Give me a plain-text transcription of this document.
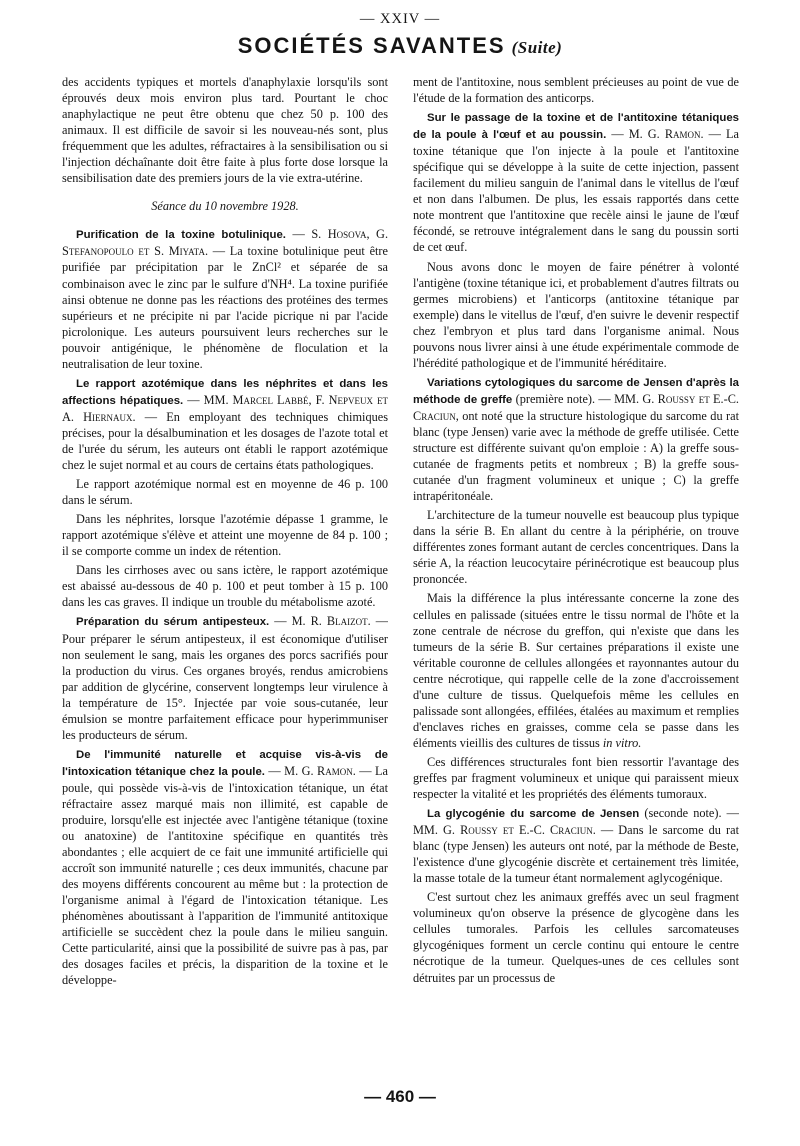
— XXIV —
SOCIÉTÉS SAVANTES (Suite)

des accidents typiques et mortels d'anaphylaxie lorsqu'ils sont éprouvés deux mois environ plus tard. Pourtant le choc anaphylactique ne peut être obtenu que chez 50 p. 100 des animaux. Il est difficile de savoir si les nouveau-nés sont, plus fréquemment que les adultes, réfractaires à la sensibilisation ou si l'injection déchaînante doit être faite à plus forte dose lorsque la sensibilisation date des premiers jours de la vie extra-utérine.

Séance du 10 novembre 1928.

Purification de la toxine botulinique. — S. Hosova, G. Stefanopoulo et S. Miyata. — La toxine botulinique peut être purifiée par précipitation par le ZnCl² et séparée de sa combinaison avec le zinc par le sulfure d'NH⁴. La toxine purifiée ainsi obtenue ne donne pas les réactions des protéines des termes supérieurs et ne précipite ni par l'acide picrique ni par l'acide picrolonique. Les auteurs poursuivent leurs recherches sur le pouvoir antigénique, le phénomène de floculation et la neutralisation de leur toxine.

Le rapport azotémique dans les néphrites et dans les affections hépatiques. — MM. Marcel Labbé, F. Nepveux et A. Hiernaux. — En employant des techniques chimiques précises, pour la désalbumination et les dosages de l'azote total et de l'urée du sérum, les auteurs ont établi le rapport azotémique chez le sujet normal et au cours de certains états pathologiques.

Le rapport azotémique normal est en moyenne de 46 p. 100 dans le sérum.

Dans les néphrites, lorsque l'azotémie dépasse 1 gramme, le rapport azotémique s'élève et atteint une moyenne de 84 p. 100 ; il se comporte comme un index de rétention.

Dans les cirrhoses avec ou sans ictère, le rapport azotémique est abaissé au-dessous de 40 p. 100 et peut tomber à 15 p. 100 dans les cas graves. Il indique un trouble du métabolisme azoté.

Préparation du sérum antipesteux. — M. R. Blaizot. — Pour préparer le sérum antipesteux, il est économique d'utiliser non seulement le sang, mais les organes des porcs sacrifiés pour la production du virus. Ces organes broyés, rendus amicrobiens par addition de glycérine, conservent longtemps leur virulence à la température de 15°. Injectée par voie sous-cutanée, leur émulsion se montre parfaitement efficace pour hyperimmuniser les producteurs de sérum.

De l'immunité naturelle et acquise vis-à-vis de l'intoxication tétanique chez la poule. — M. G. Ramon. — La poule, qui possède vis-à-vis de l'intoxication tétanique, un état réfractaire assez marqué mais non illimité, est capable de produire, lorsqu'elle est injectée avec l'antigène tétanique (toxine ou anatoxine) de l'antitoxine spécifique en quantités très abondantes ; elle acquiert de ce fait une immunité artificielle qui accroît son immunité naturelle ; ces deux immunités, chacune par des moyens différents concourent au même but : la protection de l'organisme animal à l'égard de l'intoxication tétanique. Les phénomènes aboutissant à l'apparition de l'immunité antitoxique artificielle se succèdent chez la poule dans le milieu sanguin. Cette particularité, ainsi que la possibilité de suivre pas à pas, par des dosages faciles et précis, la disparition de la toxine et le développe-

ment de l'antitoxine, nous semblent précieuses au point de vue de l'étude de la formation des anticorps.

Sur le passage de la toxine et de l'antitoxine tétaniques de la poule à l'œuf et au poussin. — M. G. Ramon. — La toxine tétanique que l'on injecte à la poule et l'antitoxine spécifique qui se développe à la suite de cette injection, passent facilement du milieu sanguin de l'animal dans le vitellus de l'œuf et non dans l'albumen. De plus, les essais rapportés dans cette note montrent que l'antitoxine que recèle ainsi le jaune de l'œuf fécondé, se retrouve intégralement dans le sang du poussin sorti de cet œuf.

Nous avons donc le moyen de faire pénétrer à volonté l'antigène (toxine tétanique ici, et probablement d'autres filtrats ou germes microbiens) et l'anticorps (antitoxine tétanique par exemple) dans le vitellus de l'œuf, d'en suivre le devenir respectif chez l'embryon et plus tard dans l'organisme animal. Nous pouvons nous livrer ainsi à une étude expérimentale commode de l'hérédité pathologique et de l'immunité héréditaire.

Variations cytologiques du sarcome de Jensen d'après la méthode de greffe (première note). — MM. G. Roussy et E.-C. Craciun, ont noté que la structure histologique du sarcome du rat blanc (type Jensen) varie avec la méthode de greffe utilisée. Cette structure est différente suivant qu'on emploie : A) la greffe sous-cutanée de fragments petits et nombreux ; B) la greffe sous-cutanée d'un fragment volumineux et unique ; C) la greffe intrapéritonéale.

L'architecture de la tumeur nouvelle est beaucoup plus typique dans la série B. En allant du centre à la périphérie, on trouve différentes zones formant autant de cercles concentriques. Dans la série A, la réaction leucocytaire périnécrotique est beaucoup plus prononcée.

Mais la différence la plus intéressante concerne la zone des cellules en palissade (situées entre le tissu normal de l'hôte et la zone centrale de nécrose du greffon, qui n'existe que dans les tumeurs de la série B. Sur certaines préparations il existe une véritable couronne de cellules allongées et rayonnantes autour du centre nécrotique, qui rappelle celle de la zone d'accroissement d'une culture de tissus. Quelquefois même les cellules en palissade sont allongées, effilées, étalées au maximum et remplies d'enclaves riches en graisses, comme cela se passe dans les éléments vieillis des cultures de tissus in vitro.

Ces différences structurales font bien ressortir l'avantage des greffes par fragment volumineux et unique qui paraissent mieux respecter la vitalité et les propriétés des éléments tumoraux.

La glycogénie du sarcome de Jensen (seconde note). — MM. G. Roussy et E.-C. Craciun. — Dans le sarcome du rat blanc (type Jensen) les auteurs ont noté, par la méthode de Beste, l'existence d'une glycogénie discrète et certainement très limitée, la masse totale de la tumeur étant normalement aglycogénique.

C'est surtout chez les animaux greffés avec un seul fragment volumineux qu'on observe la présence de glycogène dans les cellules tumorales. Parfois les cellules sarcomateuses glycogéniques forment un cercle continu qui entoure le centre nécrotique de la tumeur. Quelques-unes de ces cellules sont détruites par un processus de

— 460 —
